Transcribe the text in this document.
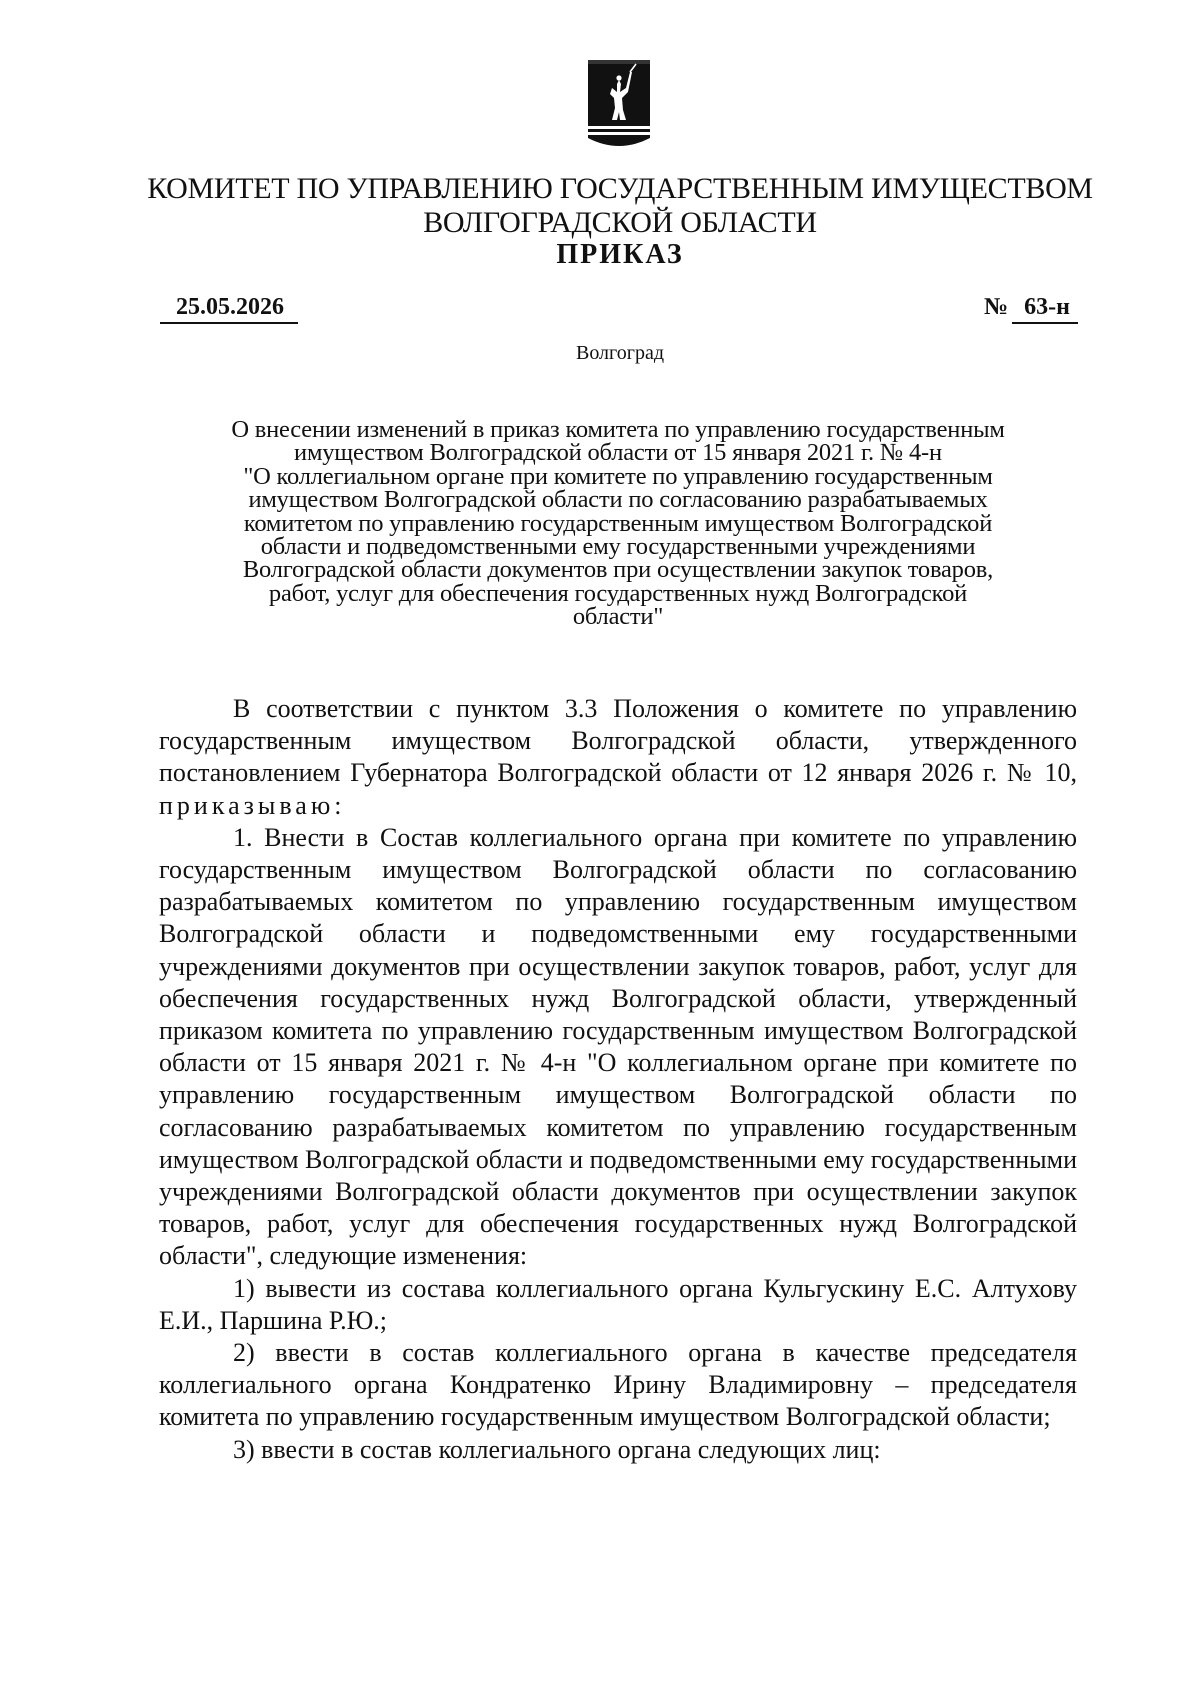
КОМИТЕТ ПО УПРАВЛЕНИЮ ГОСУДАРСТВЕННЫМ ИМУЩЕСТВОМ
ВОЛГОГРАДСКОЙ ОБЛАСТИ
ПРИКАЗ
25.05.2026	№ 63-н
Волгоград
О внесении изменений в приказ комитета по управлению государственным
имуществом Волгоградской области от 15 января 2021 г. № 4-н
"О коллегиальном органе при комитете по управлению государственным
имуществом Волгоградской области по согласованию разрабатываемых
комитетом по управлению государственным имуществом Волгоградской
области и подведомственными ему государственными учреждениями
Волгоградской области документов при осуществлении закупок товаров,
работ, услуг для обеспечения государственных нужд Волгоградской
области"

В соответствии с пунктом 3.3 Положения о комитете по управлению государственным имуществом Волгоградской области, утвержденного постановлением Губернатора Волгоградской области от 12 января 2026 г. № 10, приказываю:

1. Внести в Состав коллегиального органа при комитете по управлению государственным имуществом Волгоградской области по согласованию разрабатываемых комитетом по управлению государственным имуществом Волгоградской области и подведомственными ему государственными учреждениями документов при осуществлении закупок товаров, работ, услуг для обеспечения государственных нужд Волгоградской области, утвержденный приказом комитета по управлению государственным имуществом Волгоградской области от 15 января 2021 г. № 4-н "О коллегиальном органе при комитете по управлению государственным имуществом Волгоградской области по согласованию разрабатываемых комитетом по управлению государственным имуществом Волгоградской области и подведомственными ему государственными учреждениями Волгоградской области документов при осуществлении закупок товаров, работ, услуг для обеспечения государственных нужд Волгоградской области", следующие изменения:

1) вывести из состава коллегиального органа Кульгускину Е.С. Алтухову Е.И., Паршина Р.Ю.;

2) ввести в состав коллегиального органа в качестве председателя коллегиального органа Кондратенко Ирину Владимировну – председателя комитета по управлению государственным имуществом Волгоградской области;

3) ввести в состав коллегиального органа следующих лиц:
